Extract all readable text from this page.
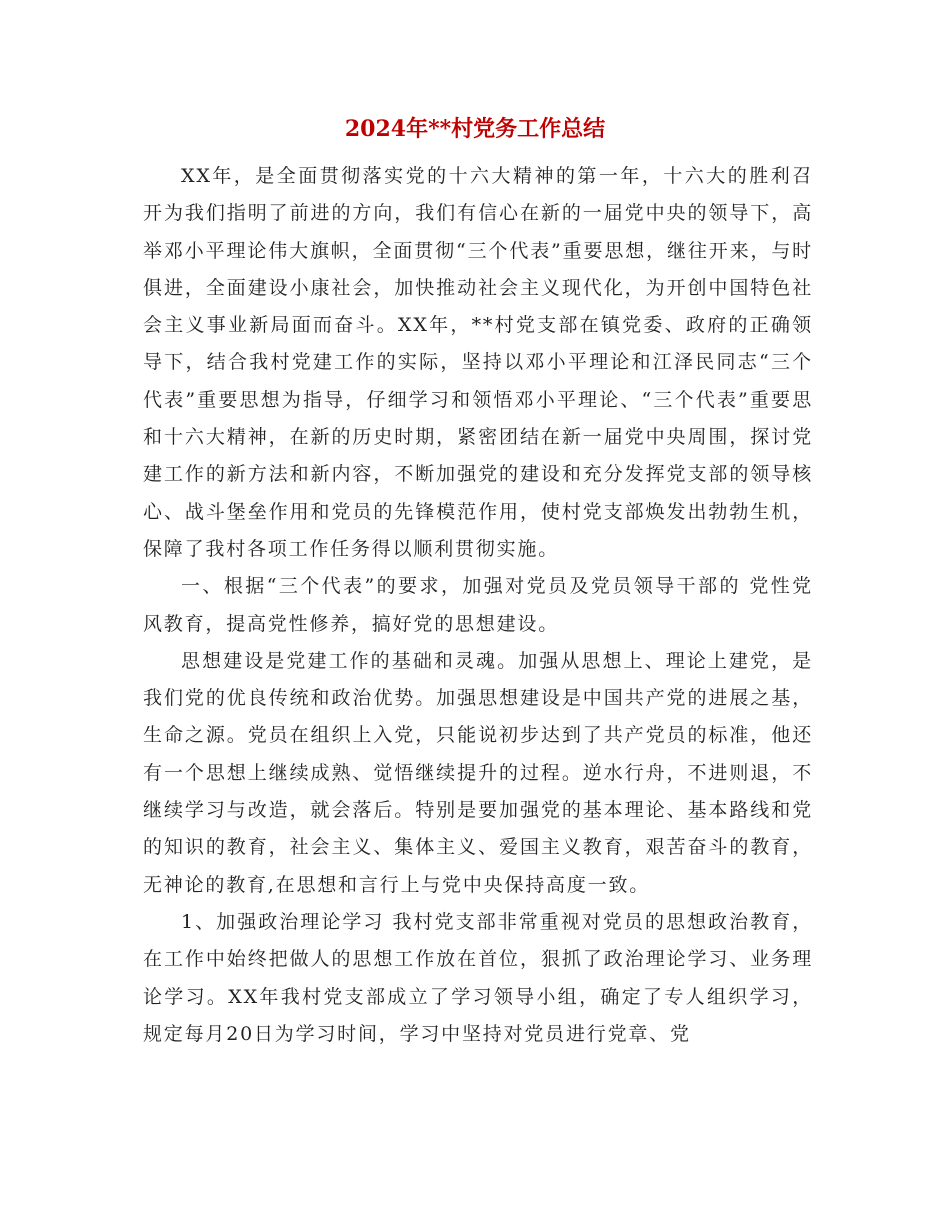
2024年**村党务工作总结

XX年，是全面贯彻落实党的十六大精神的第一年，十六大的胜利召开为我们指明了前进的方向，我们有信心在新的一届党中央的领导下，高举邓小平理论伟大旗帜，全面贯彻“三个代表”重要思想，继往开来，与时俱进，全面建设小康社会，加快推动社会主义现代化，为开创中国特色社会主义事业新局面而奋斗。XX年，**村党支部在镇党委、政府的正确领导下，结合我村党建工作的实际，坚持以邓小平理论和江泽民同志“三个代表”重要思想为指导，仔细学习和领悟邓小平理论、“三个代表”重要思和十六大精神，在新的历史时期，紧密团结在新一届党中央周围，探讨党建工作的新方法和新内容，不断加强党的建设和充分发挥党支部的领导核心、战斗堡垒作用和党员的先锋模范作用，使村党支部焕发出勃勃生机，保障了我村各项工作任务得以顺利贯彻实施。

一、根据“三个代表”的要求，加强对党员及党员领导干部的 党性党风教育，提高党性修养，搞好党的思想建设。

思想建设是党建工作的基础和灵魂。加强从思想上、理论上建党，是我们党的优良传统和政治优势。加强思想建设是中国共产党的进展之基，生命之源。党员在组织上入党，只能说初步达到了共产党员的标准，他还有一个思想上继续成熟、觉悟继续提升的过程。逆水行舟，不进则退，不继续学习与改造，就会落后。特别是要加强党的基本理论、基本路线和党的知识的教育，社会主义、集体主义、爱国主义教育，艰苦奋斗的教育，无神论的教育,在思想和言行上与党中央保持高度一致。

1、加强政治理论学习 我村党支部非常重视对党员的思想政治教育，在工作中始终把做人的思想工作放在首位，狠抓了政治理论学习、业务理论学习。XX年我村党支部成立了学习领导小组，确定了专人组织学习，规定每月20日为学习时间，学习中坚持对党员进行党章、党
